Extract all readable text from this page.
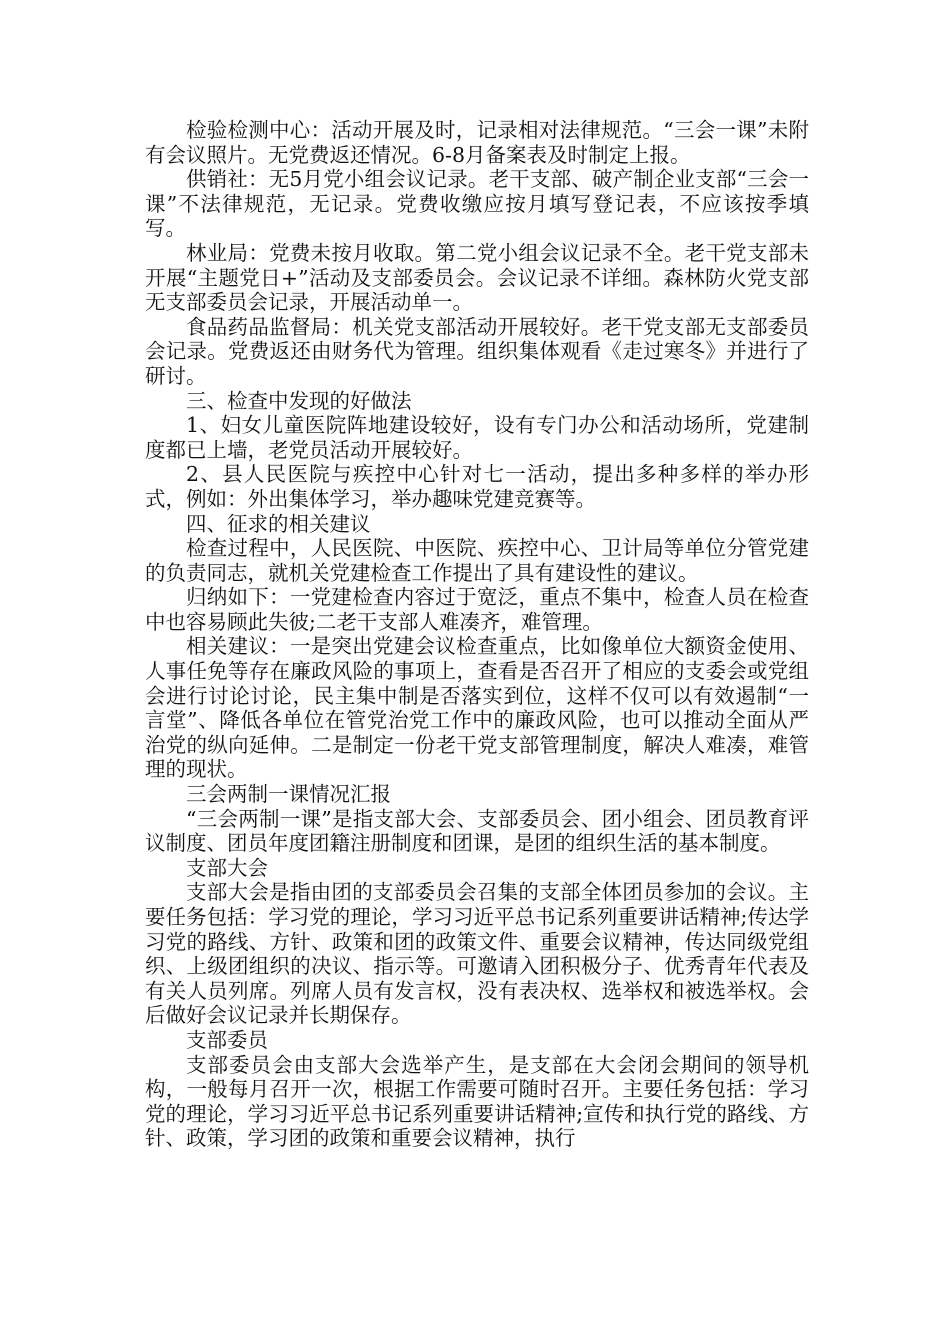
检验检测中心：活动开展及时，记录相对法律规范。“三会一课”未附有会议照片。无党费返还情况。6-8月备案表及时制定上报。

供销社：无5月党小组会议记录。老干支部、破产制企业支部“三会一课”不法律规范，无记录。党费收缴应按月填写登记表，不应该按季填写。

林业局：党费未按月收取。第二党小组会议记录不全。老干党支部未开展“主题党日+”活动及支部委员会。会议记录不详细。森林防火党支部无支部委员会记录，开展活动单一。

食品药品监督局：机关党支部活动开展较好。老干党支部无支部委员会记录。党费返还由财务代为管理。组织集体观看《走过寒冬》并进行了研讨。

三、检查中发现的好做法

1、妇女儿童医院阵地建设较好，设有专门办公和活动场所，党建制度都已上墙，老党员活动开展较好。

2、县人民医院与疾控中心针对七一活动，提出多种多样的举办形式，例如：外出集体学习，举办趣味党建竞赛等。

四、征求的相关建议

检查过程中，人民医院、中医院、疾控中心、卫计局等单位分管党建的负责同志，就机关党建检查工作提出了具有建设性的建议。

归纳如下：一党建检查内容过于宽泛，重点不集中，检查人员在检查中也容易顾此失彼;二老干支部人难凑齐，难管理。

相关建议：一是突出党建会议检查重点，比如像单位大额资金使用、人事任免等存在廉政风险的事项上，查看是否召开了相应的支委会或党组会进行讨论讨论，民主集中制是否落实到位，这样不仅可以有效遏制“一言堂”、降低各单位在管党治党工作中的廉政风险，也可以推动全面从严治党的纵向延伸。二是制定一份老干党支部管理制度，解决人难凑，难管理的现状。

三会两制一课情况汇报

“三会两制一课”是指支部大会、支部委员会、团小组会、团员教育评议制度、团员年度团籍注册制度和团课，是团的组织生活的基本制度。

支部大会

支部大会是指由团的支部委员会召集的支部全体团员参加的会议。主要任务包括：学习党的理论，学习习近平总书记系列重要讲话精神;传达学习党的路线、方针、政策和团的政策文件、重要会议精神，传达同级党组织、上级团组织的决议、指示等。可邀请入团积极分子、优秀青年代表及有关人员列席。列席人员有发言权，没有表决权、选举权和被选举权。会后做好会议记录并长期保存。

支部委员

支部委员会由支部大会选举产生，是支部在大会闭会期间的领导机构，一般每月召开一次，根据工作需要可随时召开。主要任务包括：学习党的理论，学习习近平总书记系列重要讲话精神;宣传和执行党的路线、方针、政策，学习团的政策和重要会议精神，执行
